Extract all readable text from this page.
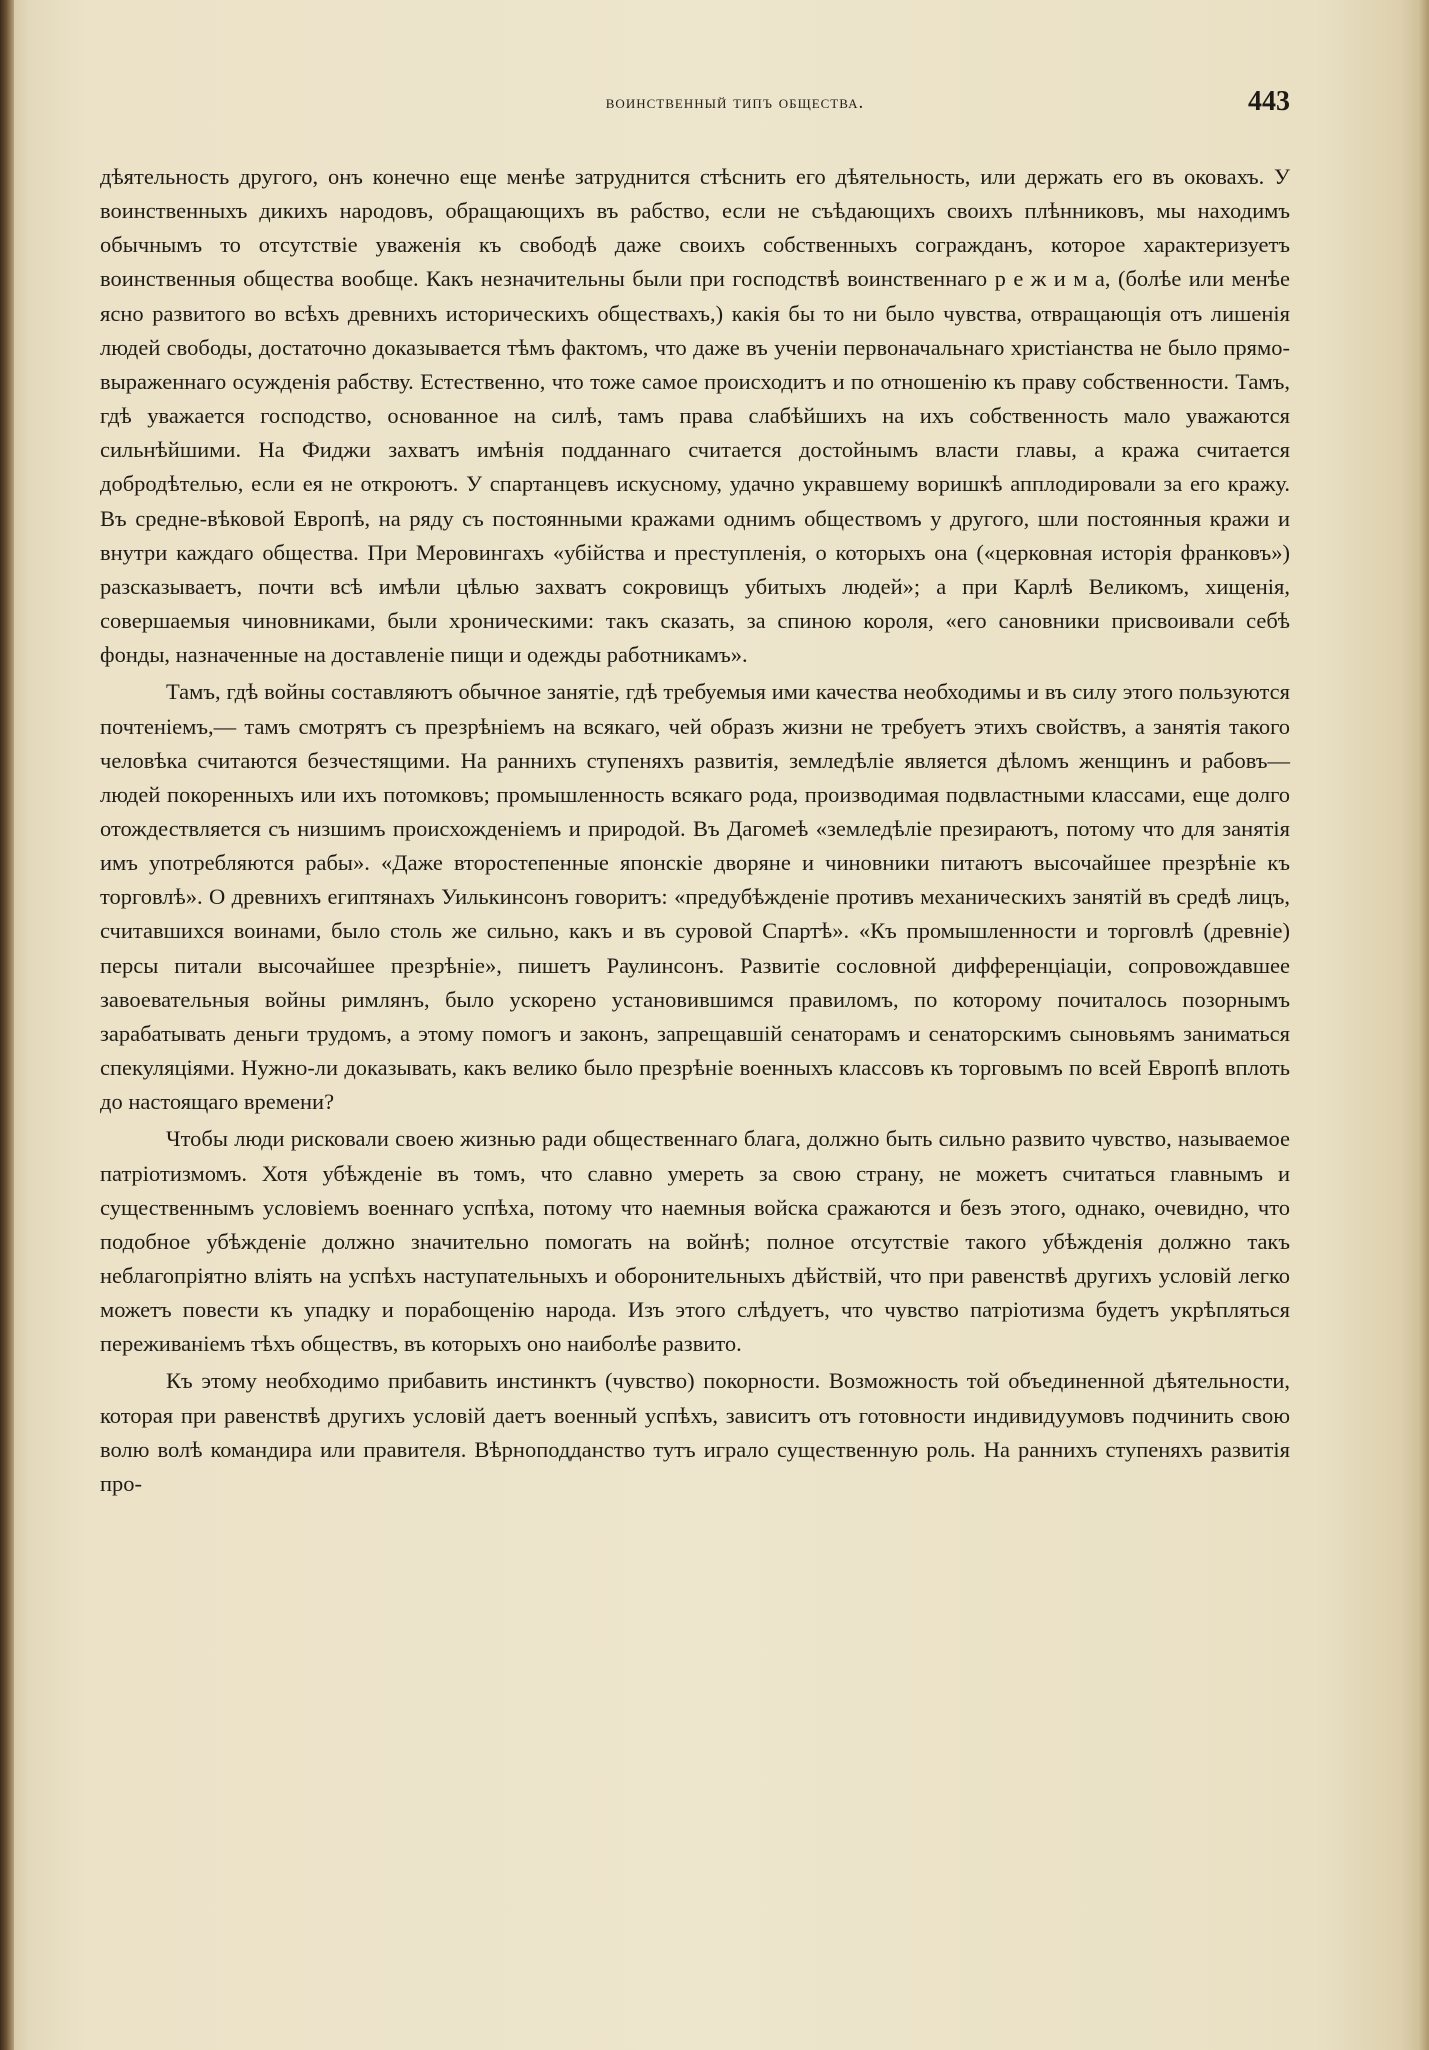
воинственный типъ общества.	443

дѣятельность другого, онъ конечно еще менѣе затруднится стѣснить его дѣятельность, или держать его въ оковахъ. У воинственныхъ дикихъ народовъ, обращающихъ въ рабство, если не съѣдающихъ своихъ плѣнниковъ, мы находимъ обычнымъ то отсутствіе уваженія къ свободѣ даже своихъ собственныхъ согражданъ, которое характеризуетъ воинственныя общества вообще. Какъ незначительны были при господствѣ воинственнаго р е ж и м а, (болѣе или менѣе ясно развитого во всѣхъ древнихъ историческихъ обществахъ,) какія бы то ни было чувства, отвращающія отъ лишенія людей свободы, достаточно доказывается тѣмъ фактомъ, что даже въ ученіи первоначальнаго христіанства не было прямо-выраженнаго осужденія рабству. Естественно, что тоже самое происходитъ и по отношенію къ праву собственности. Тамъ, гдѣ уважается господство, основанное на силѣ, тамъ права слабѣйшихъ на ихъ собственность мало уважаются сильнѣйшими. На Фиджи захватъ имѣнія подданнаго считается достойнымъ власти главы, а кража считается добродѣтелью, если ея не откроютъ. У спартанцевъ искусному, удачно укравшему воришкѣ апплодировали за его кражу. Въ средне-вѣковой Европѣ, на ряду съ постоянными кражами однимъ обществомъ у другого, шли постоянныя кражи и внутри каждаго общества. При Меровингахъ «убійства и преступленія, о которыхъ она («церковная исторія франковъ») разсказываетъ, почти всѣ имѣли цѣлью захватъ сокровищъ убитыхъ людей»; а при Карлѣ Великомъ, хищенія, совершаемыя чиновниками, были хроническими: такъ сказать, за спиною короля, «его сановники присвоивали себѣ фонды, назначенные на доставленіе пищи и одежды работникамъ».

Тамъ, гдѣ войны составляютъ обычное занятіе, гдѣ требуемыя ими качества необходимы и въ силу этого пользуются почтеніемъ,— тамъ смотрятъ съ презрѣніемъ на всякаго, чей образъ жизни не требуетъ этихъ свойствъ, а занятія такого человѣка считаются безчестящими. На раннихъ ступеняхъ развитія, земледѣліе является дѣломъ женщинъ и рабовъ—людей покоренныхъ или ихъ потомковъ; промышленность всякаго рода, производимая подвластными классами, еще долго отождествляется съ низшимъ происхожденіемъ и природой. Въ Дагомеѣ «земледѣліе презираютъ, потому что для занятія имъ употребляются рабы». «Даже второстепенные японскіе дворяне и чиновники питаютъ высочайшее презрѣніе къ торговлѣ». О древнихъ египтянахъ Уилькинсонъ говоритъ: «предубѣжденіе противъ механическихъ занятій въ средѣ лицъ, считавшихся воинами, было столь же сильно, какъ и въ суровой Спартѣ». «Къ промышленности и торговлѣ (древніе) персы питали высочайшее презрѣніе», пишетъ Раулинсонъ. Развитіе сословной дифференціаціи, сопровождавшее завоевательныя войны римлянъ, было ускорено установившимся правиломъ, по которому почиталось позорнымъ зарабатывать деньги трудомъ, а этому помогъ и законъ, запрещавшій сенаторамъ и сенаторскимъ сыновьямъ заниматься спекуляціями. Нужно-ли доказывать, какъ велико было презрѣніе военныхъ классовъ къ торговымъ по всей Европѣ вплоть до настоящаго времени?

Чтобы люди рисковали своею жизнью ради общественнаго блага, должно быть сильно развито чувство, называемое патріотизмомъ. Хотя убѣжденіе въ томъ, что славно умереть за свою страну, не можетъ считаться главнымъ и существеннымъ условіемъ военнаго успѣха, потому что наемныя войска сражаются и безъ этого, однако, очевидно, что подобное убѣжденіе должно значительно помогать на войнѣ; полное отсутствіе такого убѣжденія должно такъ неблагопріятно вліять на успѣхъ наступательныхъ и оборонительныхъ дѣйствій, что при равенствѣ другихъ условій легко можетъ повести къ упадку и порабощенію народа. Изъ этого слѣдуетъ, что чувство патріотизма будетъ укрѣпляться переживаніемъ тѣхъ обществъ, въ которыхъ оно наиболѣе развито.

Къ этому необходимо прибавить инстинктъ (чувство) покорности. Возможность той объединенной дѣятельности, которая при равенствѣ другихъ условій даетъ военный успѣхъ, зависитъ отъ готовности индивидуумовъ подчинить свою волю волѣ командира или правителя. Вѣрноподданство тутъ играло существенную роль. На раннихъ ступеняхъ развитія про-
